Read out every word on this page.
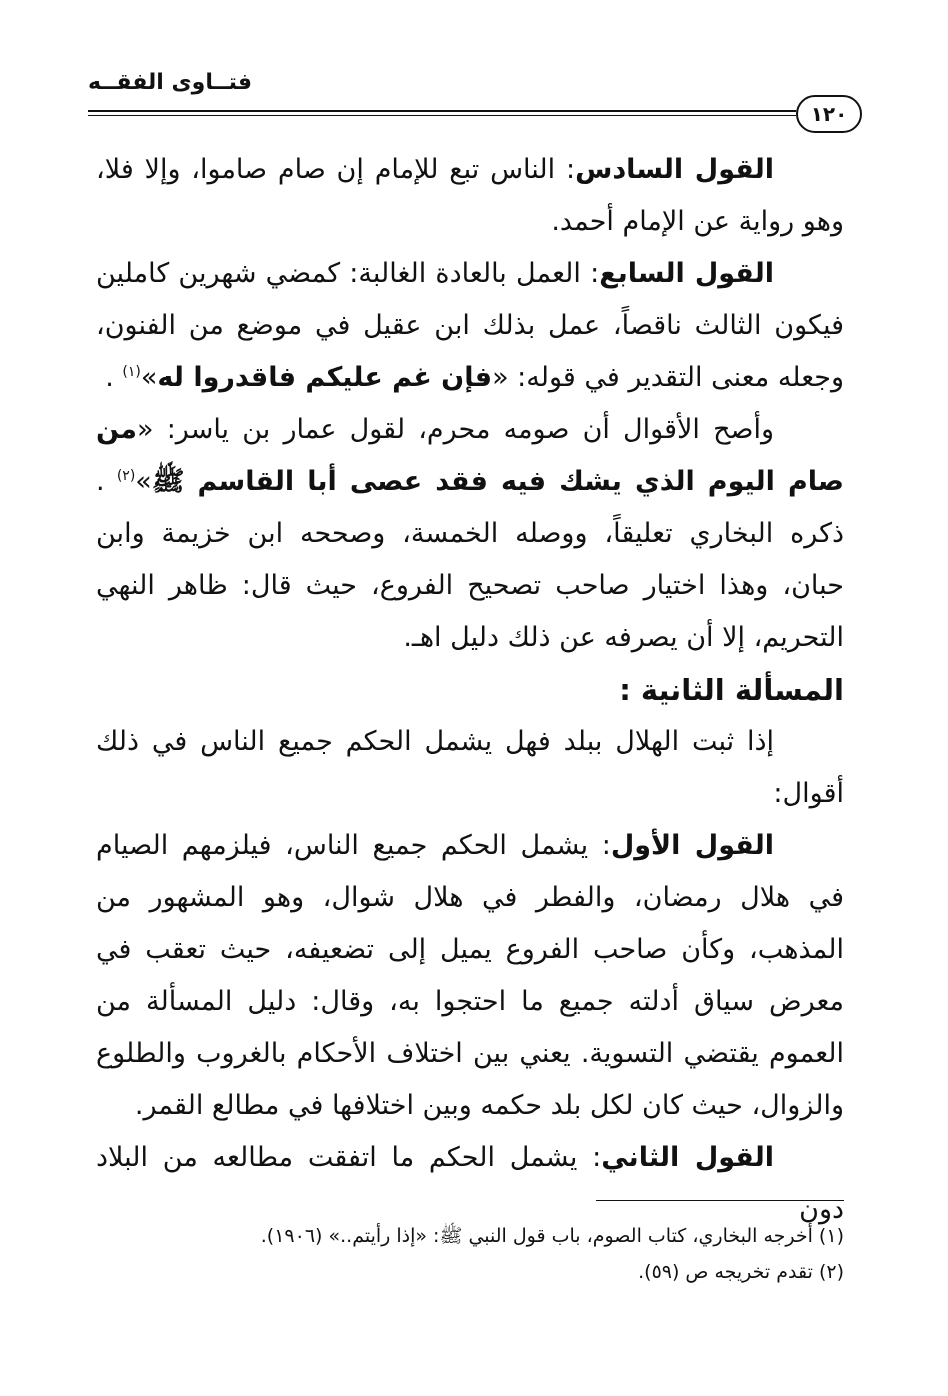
فتــاوى الفقــه
١٢٠

القول السادس: الناس تبع للإمام إن صام صاموا، وإلا فلا، وهو رواية عن الإمام أحمد.

القول السابع: العمل بالعادة الغالبة: كمضي شهرين كاملين فيكون الثالث ناقصاً، عمل بذلك ابن عقيل في موضع من الفنون، وجعله معنى التقدير في قوله: «فإن غم عليكم فاقدروا له»$^{(١)}$ .

وأصح الأقوال أن صومه محرم، لقول عمار بن ياسر: «من صام اليوم الذي يشك فيه فقد عصى أبا القاسم ﷺ»$^{(٢)}$ . ذكره البخاري تعليقاً، ووصله الخمسة، وصححه ابن خزيمة وابن حبان، وهذا اختيار صاحب تصحيح الفروع، حيث قال: ظاهر النهي التحريم، إلا أن يصرفه عن ذلك دليل اهـ.

المسألة الثانية :

إذا ثبت الهلال ببلد فهل يشمل الحكم جميع الناس في ذلك أقوال:

القول الأول: يشمل الحكم جميع الناس، فيلزمهم الصيام في هلال رمضان، والفطر في هلال شوال، وهو المشهور من المذهب، وكأن صاحب الفروع يميل إلى تضعيفه، حيث تعقب في معرض سياق أدلته جميع ما احتجوا به، وقال: دليل المسألة من العموم يقتضي التسوية. يعني بين اختلاف الأحكام بالغروب والطلوع والزوال، حيث كان لكل بلد حكمه وبين اختلافها في مطالع القمر.

القول الثاني: يشمل الحكم ما اتفقت مطالعه من البلاد دون

(١) أخرجه البخاري، كتاب الصوم، باب قول النبي ﷺ: «إذا رأيتم..» (١٩٠٦).

(٢) تقدم تخريجه ص (٥٩).
